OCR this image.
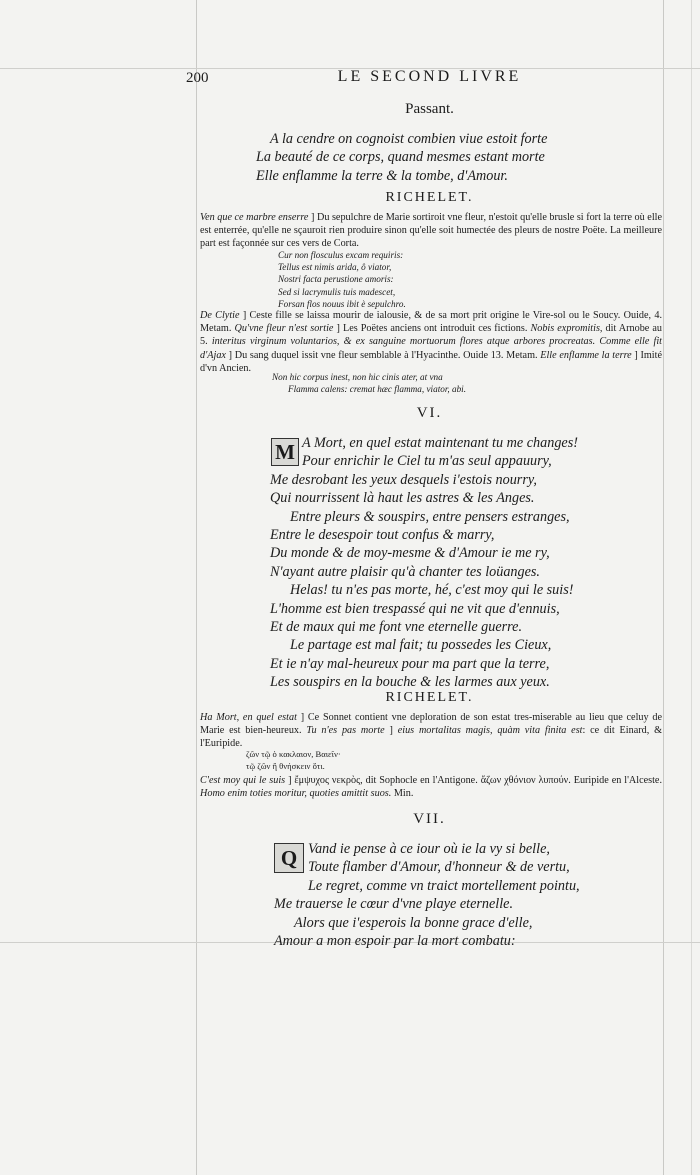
200	LE SECOND LIVRE
Passant.
A la cendre on cognoist combien viue estoit forte
La beauté de ce corps, quand mesmes estant morte
Elle enflamme la terre & la tombe, d'Amour.
RICHELET.

Ven que ce marbre enserre ] Du sepulchre de Marie sortiroit vne fleur, n'estoit qu'elle brusle si fort la terre où elle est enterrée, qu'elle ne sçauroit rien produire sinon qu'elle soit humectée des pleurs de nostre Poëte. La meilleure part est façonnée sur ces vers de Corta.

Cur non flosculus excam requiris:
Tellus est nimis arida, ô viator,
Nostri facta perustione amoris:
Sed si lacrymulis tuis madescet,
Forsan flos nouus ibit è sepulchro.

De Clytie ] Ceste fille se laissa mourir de ialousie, & de sa mort prit origine le Vire-sol ou le Soucy. Ouide, 4. Metam. Qu'vne fleur n'est sortie ] Les Poëtes anciens ont introduit ces fictions. Nobis expromitis, dit Arnobe au 5. interitus virginum voluntarios, & ex sanguine mortuorum flores atque arbores procreatas. Comme elle fit d'Ajax ] Du sang duquel issit vne fleur semblable à l'Hyacinthe. Ouide 13. Metam. Elle enflamme la terre ] Imité d'vn Ancien.

Non hic corpus inest, non hic cinis ater, at vna
Flamma calens: cremat hæc flamma, viator, abi.
VI.
M A Mort, en quel estat maintenant tu me changes!
Pour enrichir le Ciel tu m'as seul appauury,
Me desrobant les yeux desquels i'estois nourry,
Qui nourrissent là haut les astres & les Anges.
Entre pleurs & souspirs, entre pensers estranges,
Entre le desespoir tout confus & marry,
Du monde & de moy-mesme & d'Amour ie me ry,
N'ayant autre plaisir qu'à chanter tes loüanges.
Helas! tu n'es pas morte, hé, c'est moy qui le suis!
L'homme est bien trespassé qui ne vit que d'ennuis,
Et de maux qui me font vne eternelle guerre.
Le partage est mal fait; tu possedes les Cieux,
Et ie n'ay mal-heureux pour ma part que la terre,
Les souspirs en la bouche & les larmes aux yeux.
RICHELET.

Ha Mort, en quel estat ] Ce Sonnet contient vne deploration de son estat tres-miserable au lieu que celuy de Marie est bien-heureux. Tu n'es pas morte ] eius mortalitas magis, quàm vita finita est: ce dit Einard, & l'Euripide.

ζῶν τῷ ὁ κακλαιον, Βαιεῖν·
τῷ ζῶν ἢ θνήσκειν ὅτι.

C'est moy qui le suis ] ἔμψυχος νεκρὸς, dit Sophocle en l'Antigone. ἄζων χθόνιον λυπούν. Euripide en l'Alceste. Homo enim toties moritur, quoties amittit suos. Min.

VII.
Q Vand ie pense à ce iour où ie la vy si belle,
Toute flamber d'Amour, d'honneur & de vertu,
Le regret, comme vn traict mortellement pointu,
Me trauerse le cœur d'vne playe eternelle.
Alors que i'esperois la bonne grace d'elle,
Amour a mon espoir par la mort combatu:
